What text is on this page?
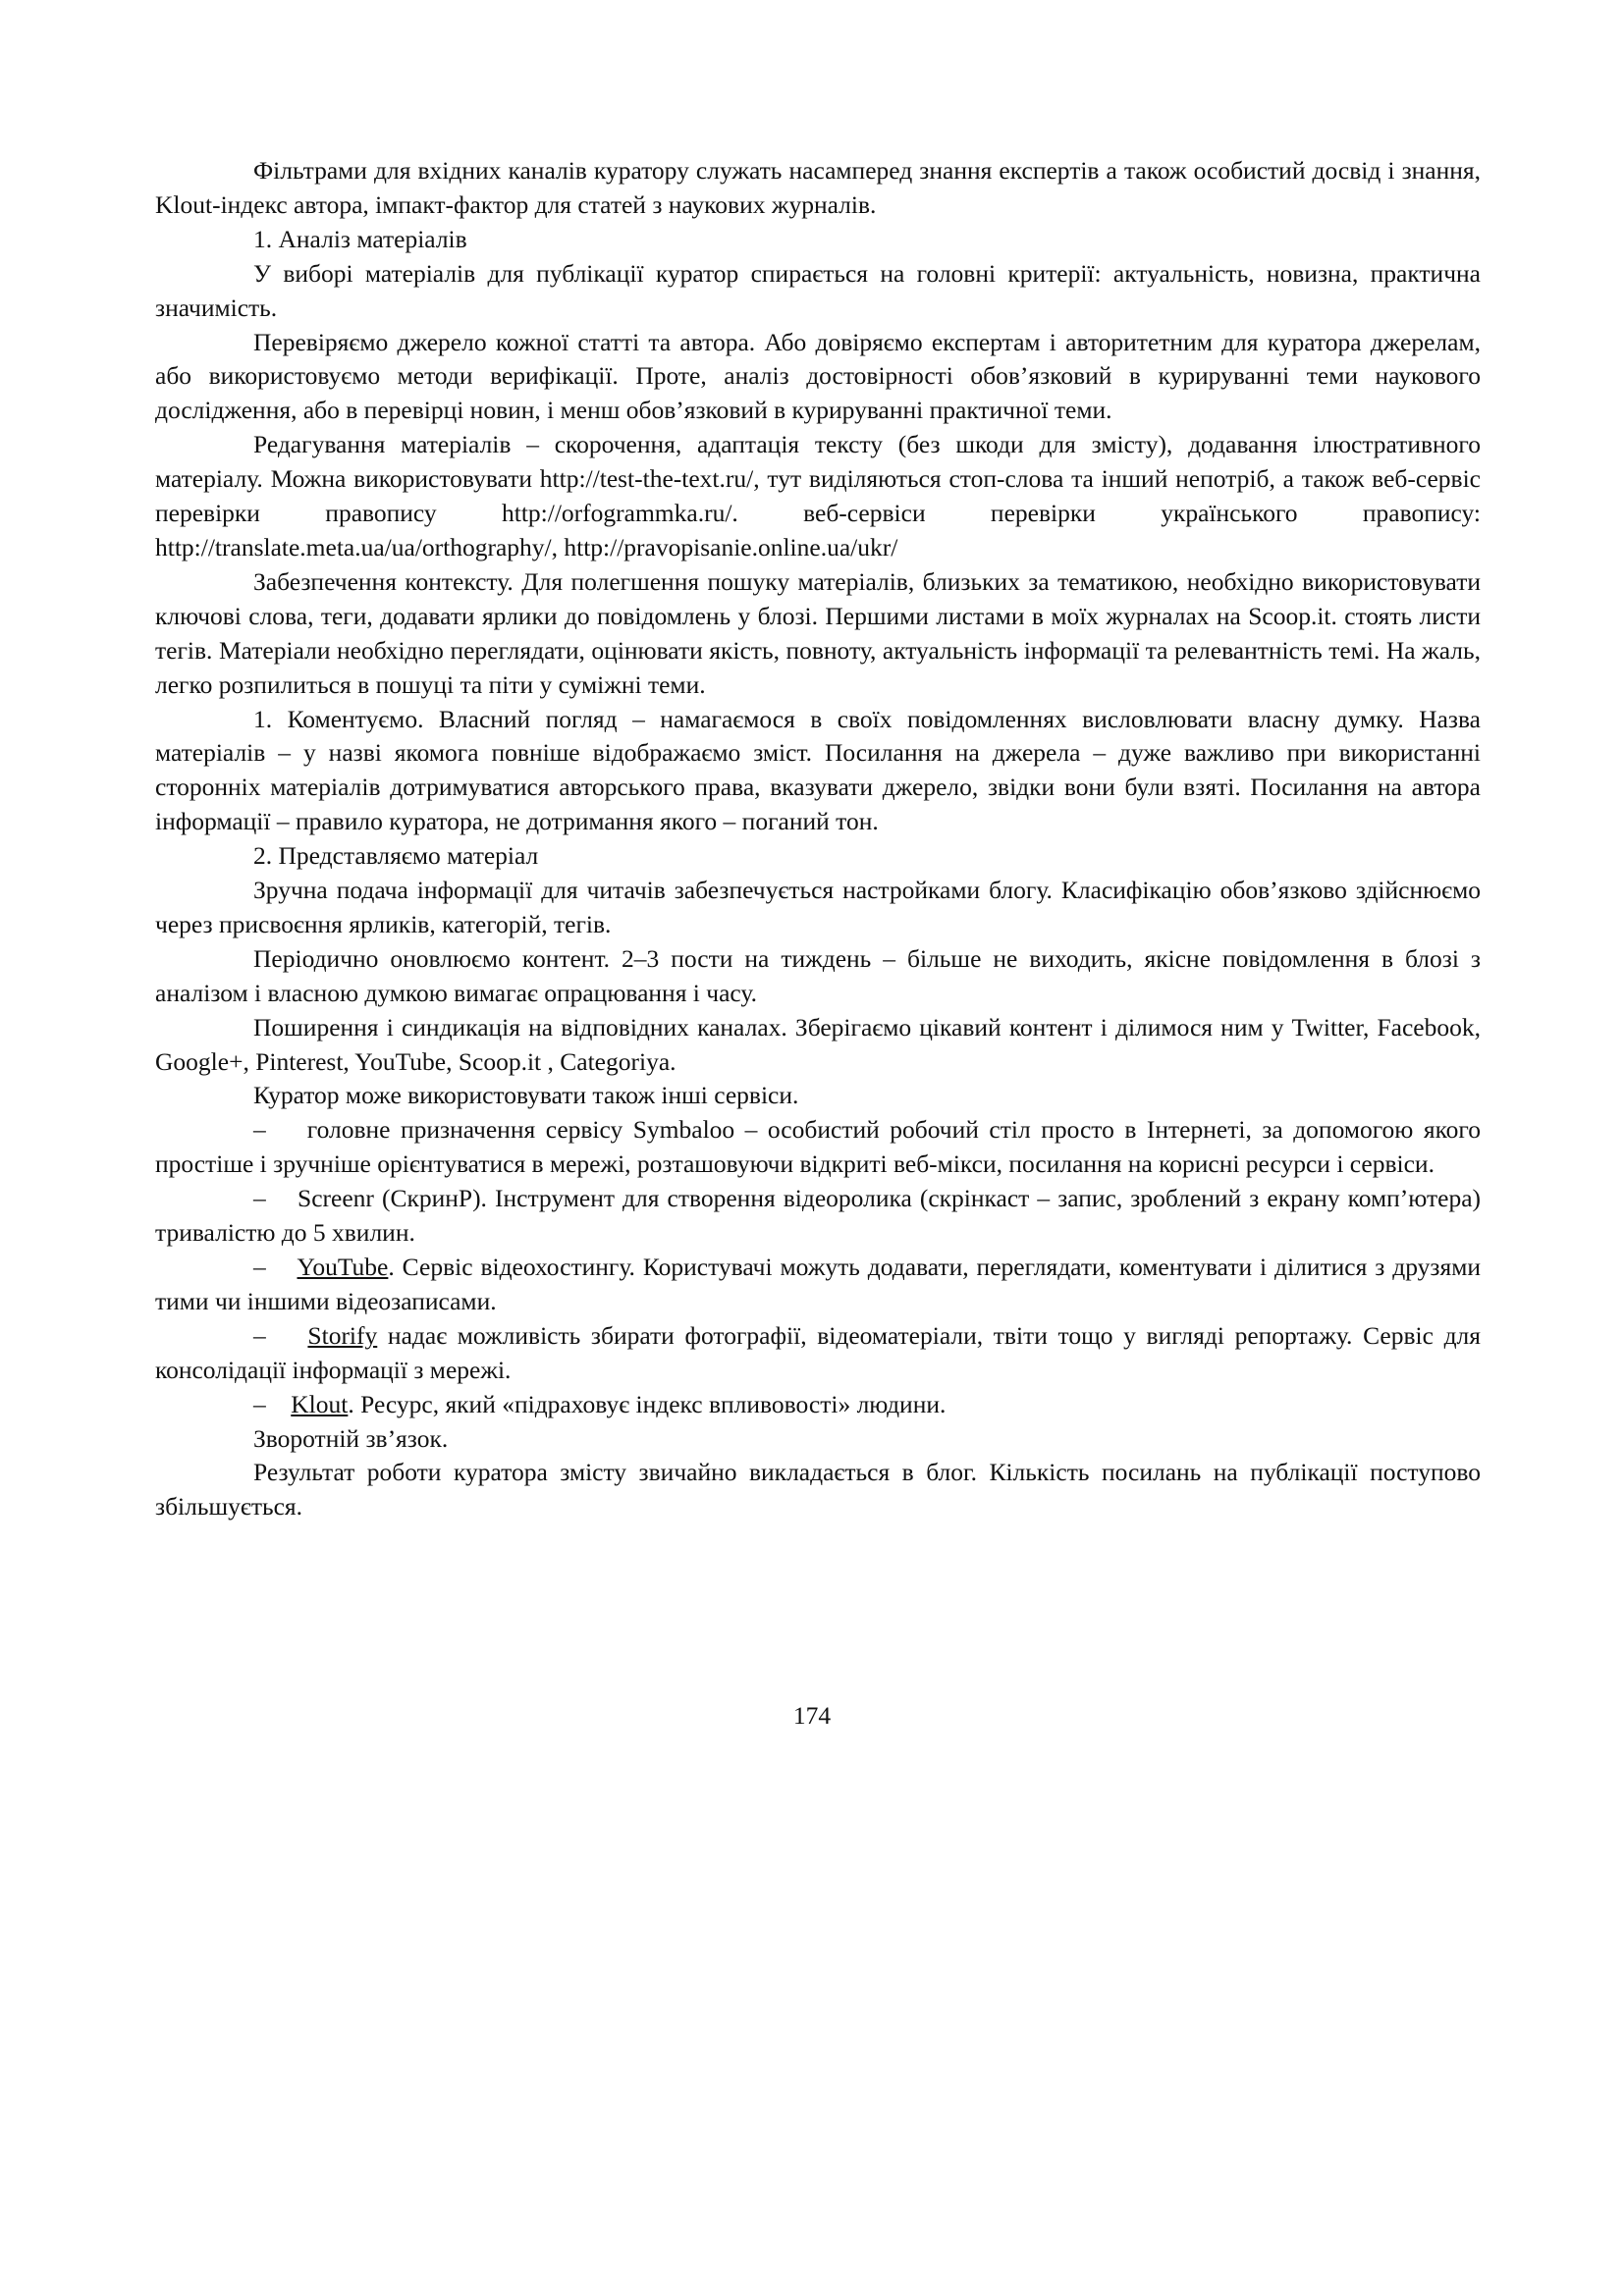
Фільтрами для вхідних каналів куратору служать насамперед знання експертів а також особистий досвід і знання, Klout-індекс автора, імпакт-фактор для статей з наукових журналів.

1. Аналіз матеріалів

У виборі матеріалів для публікації куратор спирається на головні критерії: актуальність, новизна, практична значимість.

Перевіряємо джерело кожної статті та автора. Або довіряємо експертам і авторитетним для куратора джерелам, або використовуємо методи верифікації. Проте, аналіз достовірності обов’язковий в курируванні теми наукового дослідження, або в перевірці новин, і менш обов’язковий в курируванні практичної теми.

Редагування матеріалів – скорочення, адаптація тексту (без шкоди для змісту), додавання ілюстративного матеріалу. Можна використовувати http://test-the-text.ru/, тут виділяються стоп-слова та інший непотріб, а також веб-сервіс перевірки правопису http://orfogrammka.ru/. веб-сервіси перевірки українського правопису: http://translate.meta.ua/ua/orthography/, http://pravopisanie.online.ua/ukr/

Забезпечення контексту. Для полегшення пошуку матеріалів, близьких за тематикою, необхідно використовувати ключові слова, теги, додавати ярлики до повідомлень у блозі. Першими листами в моїх журналах на Scoop.it. стоять листи тегів. Матеріали необхідно переглядати, оцінювати якість, повноту, актуальність інформації та релевантність темі. На жаль, легко розпилиться в пошуці та піти у суміжні теми.

1. Коментуємо. Власний погляд – намагаємося в своїх повідомленнях висловлювати власну думку. Назва матеріалів – у назві якомога повніше відображаємо зміст. Посилання на джерела – дуже важливо при використанні сторонніх матеріалів дотримуватися авторського права, вказувати джерело, звідки вони були взяті. Посилання на автора інформації – правило куратора, не дотримання якого – поганий тон.

2. Представляємо матеріал

Зручна подача інформації для читачів забезпечується настройками блогу. Класифікацію обов’язково здійснюємо через присвоєння ярликів, категорій, тегів.

Періодично оновлюємо контент. 2–3 пости на тиждень – більше не виходить, якісне повідомлення в блозі з аналізом і власною думкою вимагає опрацювання і часу.

Поширення і синдикація на відповідних каналах. Зберігаємо цікавий контент і ділимося ним у Twitter, Facebook, Google+, Pinterest, YouTube, Scoop.it , Categoriya.

Куратор може використовувати також інші сервіси.

– головне призначення сервісу Symbaloo – особистий робочий стіл просто в Інтернеті, за допомогою якого простіше і зручніше орієнтуватися в мережі, розташовуючи відкриті веб-мікси, посилання на корисні ресурси і сервіси.

– Screenr (СкринР). Інструмент для створення відеоролика (скрінкаст – запис, зроблений з екрану комп’ютера) тривалістю до 5 хвилин.

– YouTube. Сервіс відеохостингу. Користувачі можуть додавати, переглядати, коментувати і ділитися з друзями тими чи іншими відеозаписами.

– Storify надає можливість збирати фотографії, відеоматеріали, твіти тощо у вигляді репортажу. Сервіс для консолідації інформації з мережі.

– Klout. Ресурс, який «підраховує індекс впливовості» людини.

Зворотній зв’язок.

Результат роботи куратора змісту звичайно викладається в блог. Кількість посилань на публікації поступово збільшується.

174
